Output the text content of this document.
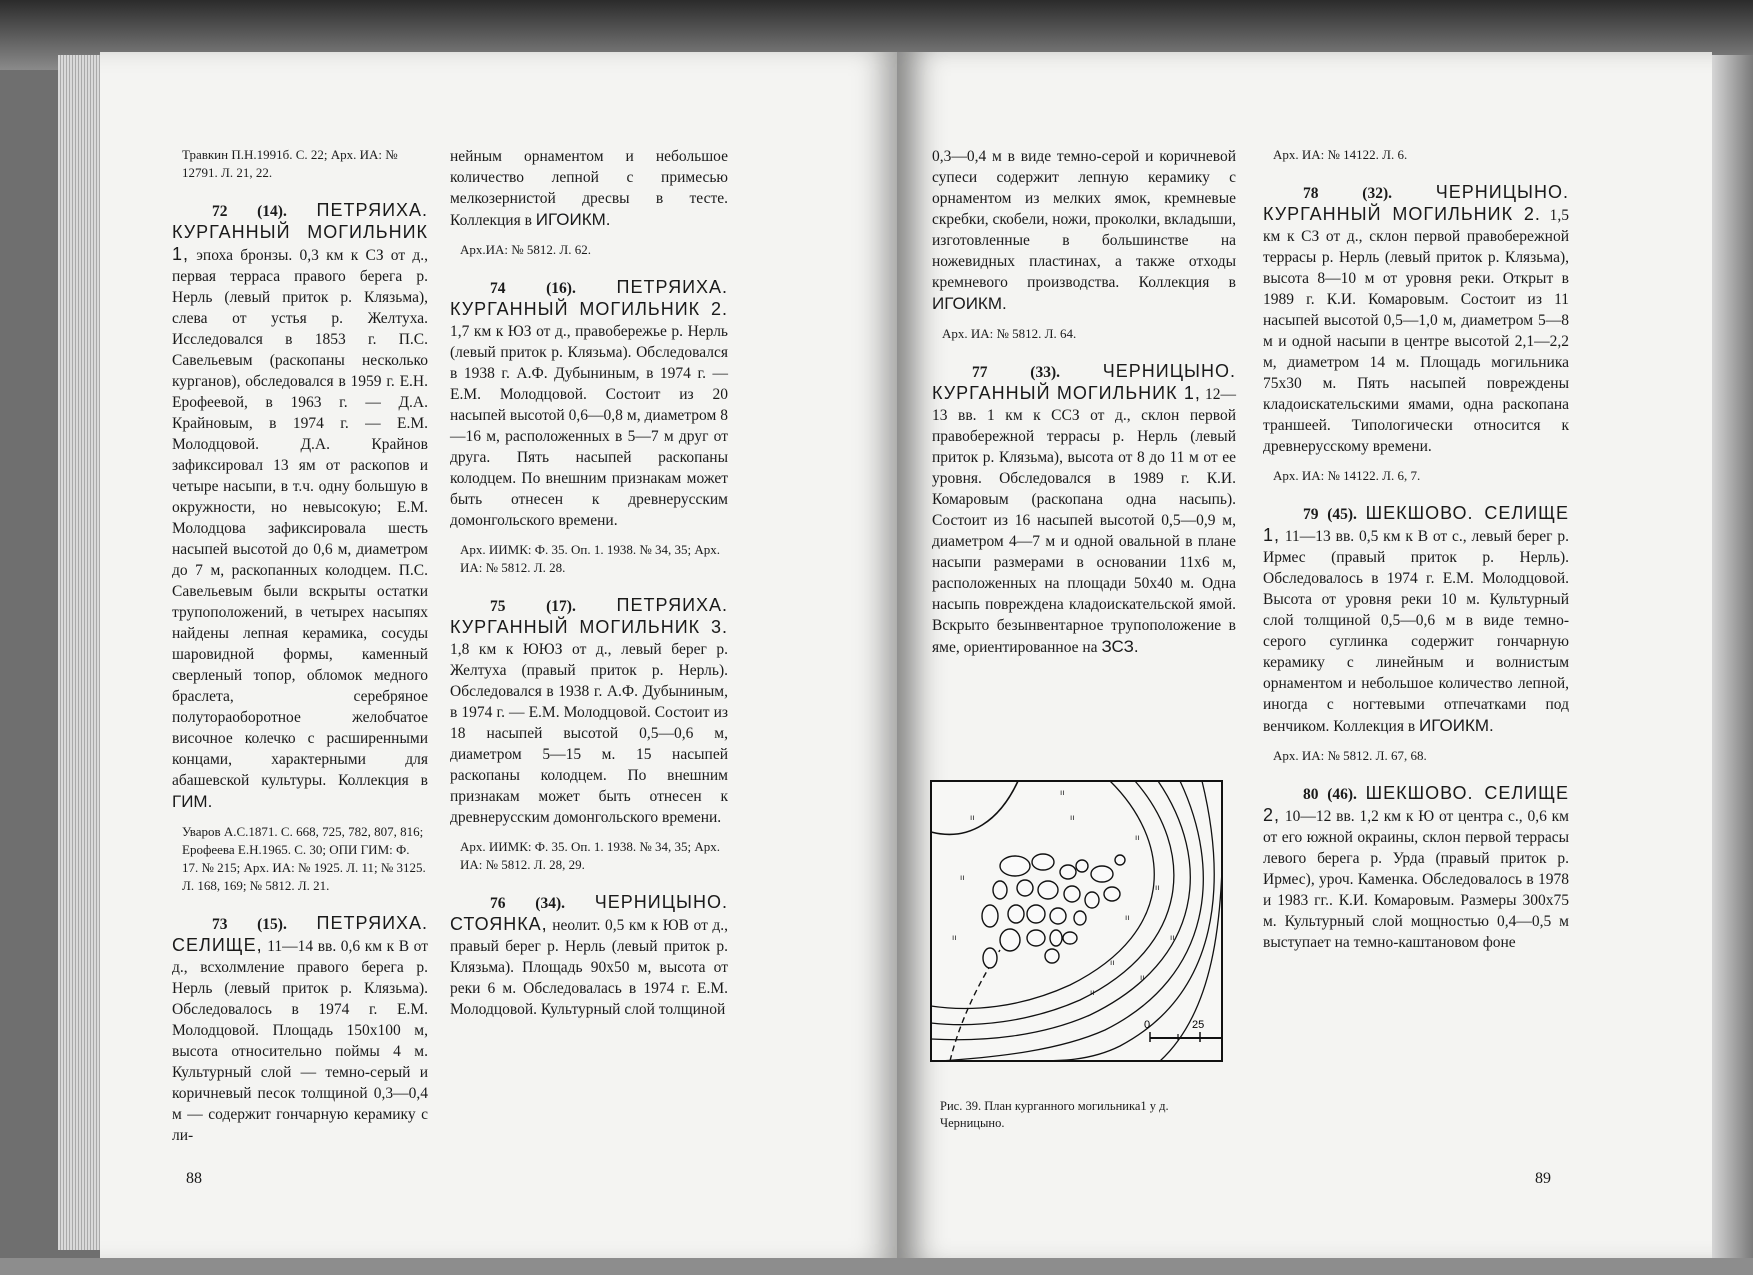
Травкин П.Н.1991б. С. 22; Арх. ИА: № 12791. Л. 21, 22.

72 (14). ПЕТРЯИХА. КУРГАННЫЙ МОГИЛЬНИК 1, эпоха бронзы. 0,3 км к СЗ от д., первая терраса правого берега р. Нерль (левый приток р. Клязьма), слева от устья р. Желтуха. Исследовался в 1853 г. П.С. Савельевым (раскопаны несколько курганов), обследовался в 1959 г. Е.Н. Ерофеевой, в 1963 г. — Д.А. Крайновым, в 1974 г. — Е.М. Молодцовой. Д.А. Крайнов зафиксировал 13 ям от раскопов и четыре насыпи, в т.ч. одну большую в окружности, но невысокую; Е.М. Молодцова зафиксировала шесть насыпей высотой до 0,6 м, диаметром до 7 м, раскопанных колодцем. П.С. Савельевым были вскрыты остатки трупоположений, в четырех насыпях найдены лепная керамика, сосуды шаровидной формы, каменный сверленый топор, обломок медного браслета, серебряное полутораоборотное желобчатое височное колечко с расширенными концами, характерными для абашевской культуры. Коллекция в ГИМ.

Уваров А.С.1871. С. 668, 725, 782, 807, 816; Ерофеева Е.Н.1965. С. 30; ОПИ ГИМ: Ф. 17. № 215; Арх. ИА: № 1925. Л. 11; № 3125. Л. 168, 169; № 5812. Л. 21.

73 (15). ПЕТРЯИХА. СЕЛИЩЕ, 11—14 вв. 0,6 км к В от д., всхолмление правого берега р. Нерль (левый приток р. Клязьма). Обследовалось в 1974 г. Е.М. Молодцовой. Площадь 150х100 м, высота относительно поймы 4 м. Культурный слой — темно-серый и коричневый песок толщиной 0,3—0,4 м — содержит гончарную керамику с ли-

нейным орнаментом и небольшое количество лепной с примесью мелкозернистой дресвы в тесте. Коллекция в ИГОИКМ.

Арх.ИА: № 5812. Л. 62.

74 (16). ПЕТРЯИХА. КУРГАННЫЙ МОГИЛЬНИК 2. 1,7 км к ЮЗ от д., правобережье р. Нерль (левый приток р. Клязьма). Обследовался в 1938 г. А.Ф. Дубыниным, в 1974 г. — Е.М. Молодцовой. Состоит из 20 насыпей высотой 0,6—0,8 м, диаметром 8—16 м, расположенных в 5—7 м друг от друга. Пять насыпей раскопаны колодцем. По внешним признакам может быть отнесен к древнерусским домонгольского времени.

Арх. ИИМК: Ф. 35. Оп. 1. 1938. № 34, 35; Арх. ИА: № 5812. Л. 28.

75 (17). ПЕТРЯИХА. КУРГАННЫЙ МОГИЛЬНИК 3. 1,8 км к ЮЮЗ от д., левый берег р. Желтуха (правый приток р. Нерль). Обследовался в 1938 г. А.Ф. Дубыниным, в 1974 г. — Е.М. Молодцовой. Состоит из 18 насыпей высотой 0,5—0,6 м, диаметром 5—15 м. 15 насыпей раскопаны колодцем. По внешним признакам может быть отнесен к древнерусским домонгольского времени.

Арх. ИИМК: Ф. 35. Оп. 1. 1938. № 34, 35; Арх. ИА: № 5812. Л. 28, 29.

76 (34). ЧЕРНИЦЫНО. СТОЯНКА, неолит. 0,5 км к ЮВ от д., правый берег р. Нерль (левый приток р. Клязьма). Площадь 90х50 м, высота от реки 6 м. Обследовалась в 1974 г. Е.М. Молодцовой. Культурный слой толщиной

88

0,3—0,4 м в виде темно-серой и коричневой супеси содержит лепную керамику с орнаментом из мелких ямок, кремневые скребки, скобели, ножи, проколки, вкладыши, изготовленные в большинстве на ножевидных пластинах, а также отходы кремневого производства. Коллекция в ИГОИКМ.

Арх. ИА: № 5812. Л. 64.

77 (33). ЧЕРНИЦЫНО. КУРГАННЫЙ МОГИЛЬНИК 1, 12—13 вв. 1 км к ССЗ от д., склон первой правобережной террасы р. Нерль (левый приток р. Клязьма), высота от 8 до 11 м от ее уровня. Обследовался в 1989 г. К.И. Комаровым (раскопана одна насыпь). Состоит из 16 насыпей высотой 0,5—0,9 м, диаметром 4—7 м и одной овальной в плане насыпи размерами в основании 11х6 м, расположенных на площади 50х40 м. Одна насыпь повреждена кладоискательской ямой. Вскрыто безынвентарное трупоположение в яме, ориентированное на ЗСЗ.

ıı
ıı
ıı	ıı
ıı
ıı
ıı
ıı
ıı
ıı
ıı
ıı
0	25
Рис. 39. План курганного могильника1 у д. Черницыно.

Арх. ИА: № 14122. Л. 6.

78 (32). ЧЕРНИЦЫНО. КУРГАННЫЙ МОГИЛЬНИК 2. 1,5 км к СЗ от д., склон первой правобережной террасы р. Нерль (левый приток р. Клязьма), высота 8—10 м от уровня реки. Открыт в 1989 г. К.И. Комаровым. Состоит из 11 насыпей высотой 0,5—1,0 м, диаметром 5—8 м и одной насыпи в центре высотой 2,1—2,2 м, диаметром 14 м. Площадь могильника 75х30 м. Пять насыпей повреждены кладоискательскими ямами, одна раскопана траншеей. Типологически относится к древнерусскому времени.

Арх. ИА: № 14122. Л. 6, 7.

79 (45). ШЕКШОВО. СЕЛИЩЕ 1, 11—13 вв. 0,5 км к В от с., левый берег р. Ирмес (правый приток р. Нерль). Обследовалось в 1974 г. Е.М. Молодцовой. Высота от уровня реки 10 м. Культурный слой толщиной 0,5—0,6 м в виде темно-серого суглинка содержит гончарную керамику с линейным и волнистым орнаментом и небольшое количество лепной, иногда с ногтевыми отпечатками под венчиком. Коллекция в ИГОИКМ.

Арх. ИА: № 5812. Л. 67, 68.

80 (46). ШЕКШОВО. СЕЛИЩЕ 2, 10—12 вв. 1,2 км к Ю от центра с., 0,6 км от его южной окраины, склон первой террасы левого берега р. Урда (правый приток р. Ирмес), уроч. Каменка. Обследовалось в 1978 и 1983 гг.. К.И. Комаровым. Размеры 300х75 м. Культурный слой мощностью 0,4—0,5 м выступает на темно-каштановом фоне

89
